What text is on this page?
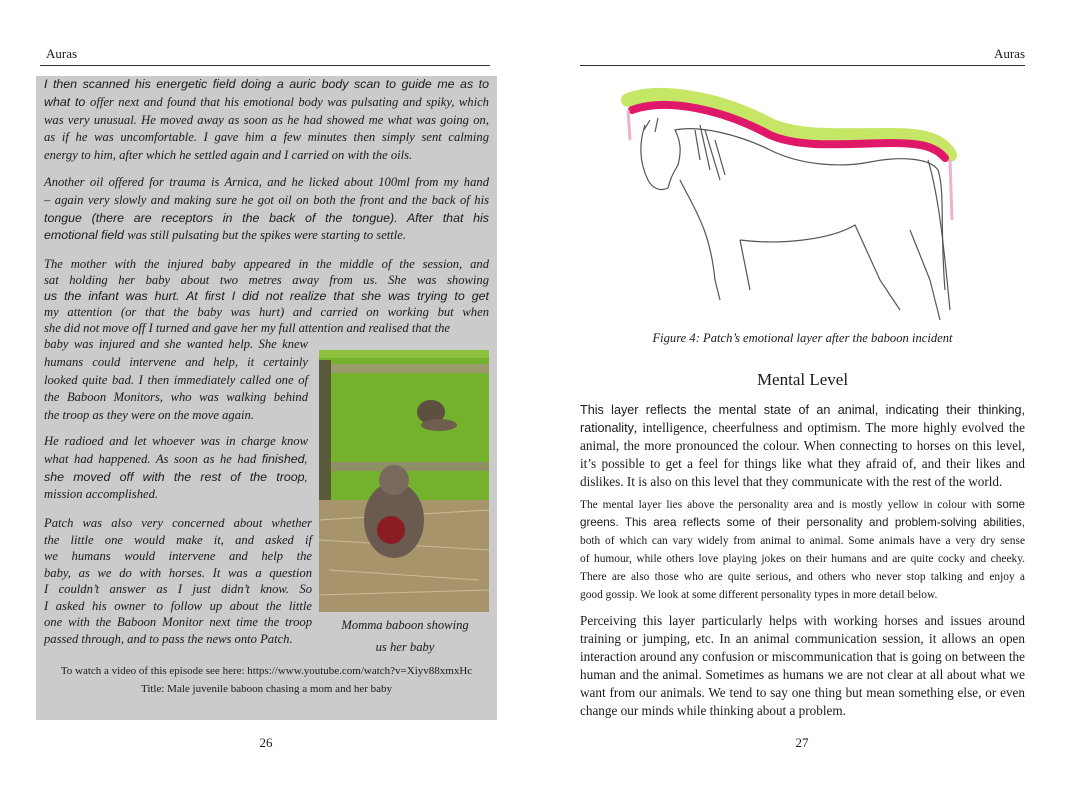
Auras
I then scanned his energetic field doing a auric body scan to guide me as to
what to offer next and found that his emotional body was pulsating and spiky, which
was very unusual. He moved away as soon as he had showed me what was going on,
as if he was uncomfortable. I gave him a few minutes then simply sent calming
energy to him, after which he settled again and I carried on with the oils.
Another oil offered for trauma is Arnica, and he licked about 100ml from my hand
– again very slowly and making sure he got oil on both the front and the back of his
tongue (there are receptors in the back of the tongue). After that his
emotional field was still pulsating but the spikes were starting to settle.
The mother with the injured baby appeared in the middle of the session, and
sat holding her baby about two metres away from us. She was showing
us the infant was hurt. At first I did not realize that she was trying to get
my attention (or that the baby was hurt) and carried on working but when
she did not move off I turned and gave her my full attention and realised that the
baby was injured and she wanted help. She knew
humans could intervene and help, it certainly
looked quite bad. I then immediately called one of
the Baboon Monitors, who was walking behind
the troop as they were on the move again.
He radioed and let whoever was in charge know
what had happened. As soon as he had finished,
she moved off with the rest of the troop,
mission accomplished.
Patch was also very concerned about whether
the little one would make it, and asked if
we humans would intervene and help the
baby, as we do with horses. It was a question
I couldn’t answer as I just didn’t know. So
I asked his owner to follow up about the little
one with the Baboon Monitor next time the troop
passed through, and to pass the news onto Patch.
Momma baboon showing
us her baby
To watch a video of this episode see here: https://www.youtube.com/watch?v=Xiyv88xmxHc
Title: Male juvenile baboon chasing a mom and her baby
26
Auras
Figure 4: Patch’s emotional layer after the baboon incident
Mental Level
This layer reflects the mental state of an animal, indicating their thinking,
rationality, intelligence, cheerfulness and optimism. The more highly evolved the
animal, the more pronounced the colour. When connecting to horses on this level,
it’s possible to get a feel for things like what they afraid of, and their likes and
dislikes. It is also on this level that they communicate with the rest of the world.
The mental layer lies above the personality area and is mostly yellow in colour with some
greens. This area reflects some of their personality and problem-solving abilities,
both of which can vary widely from animal to animal. Some animals have a very dry sense
of humour, while others love playing jokes on their humans and are quite cocky and cheeky.
There are also those who are quite serious, and others who never stop talking and enjoy a
good gossip. We look at some different personality types in more detail below.
Perceiving this layer particularly helps with working horses and issues around
training or jumping, etc. In an animal communication session, it allows an open
interaction around any confusion or miscommunication that is going on between the
human and the animal. Sometimes as humans we are not clear at all about what we
want from our animals. We tend to say one thing but mean something else, or even
change our minds while thinking about a problem.
27
